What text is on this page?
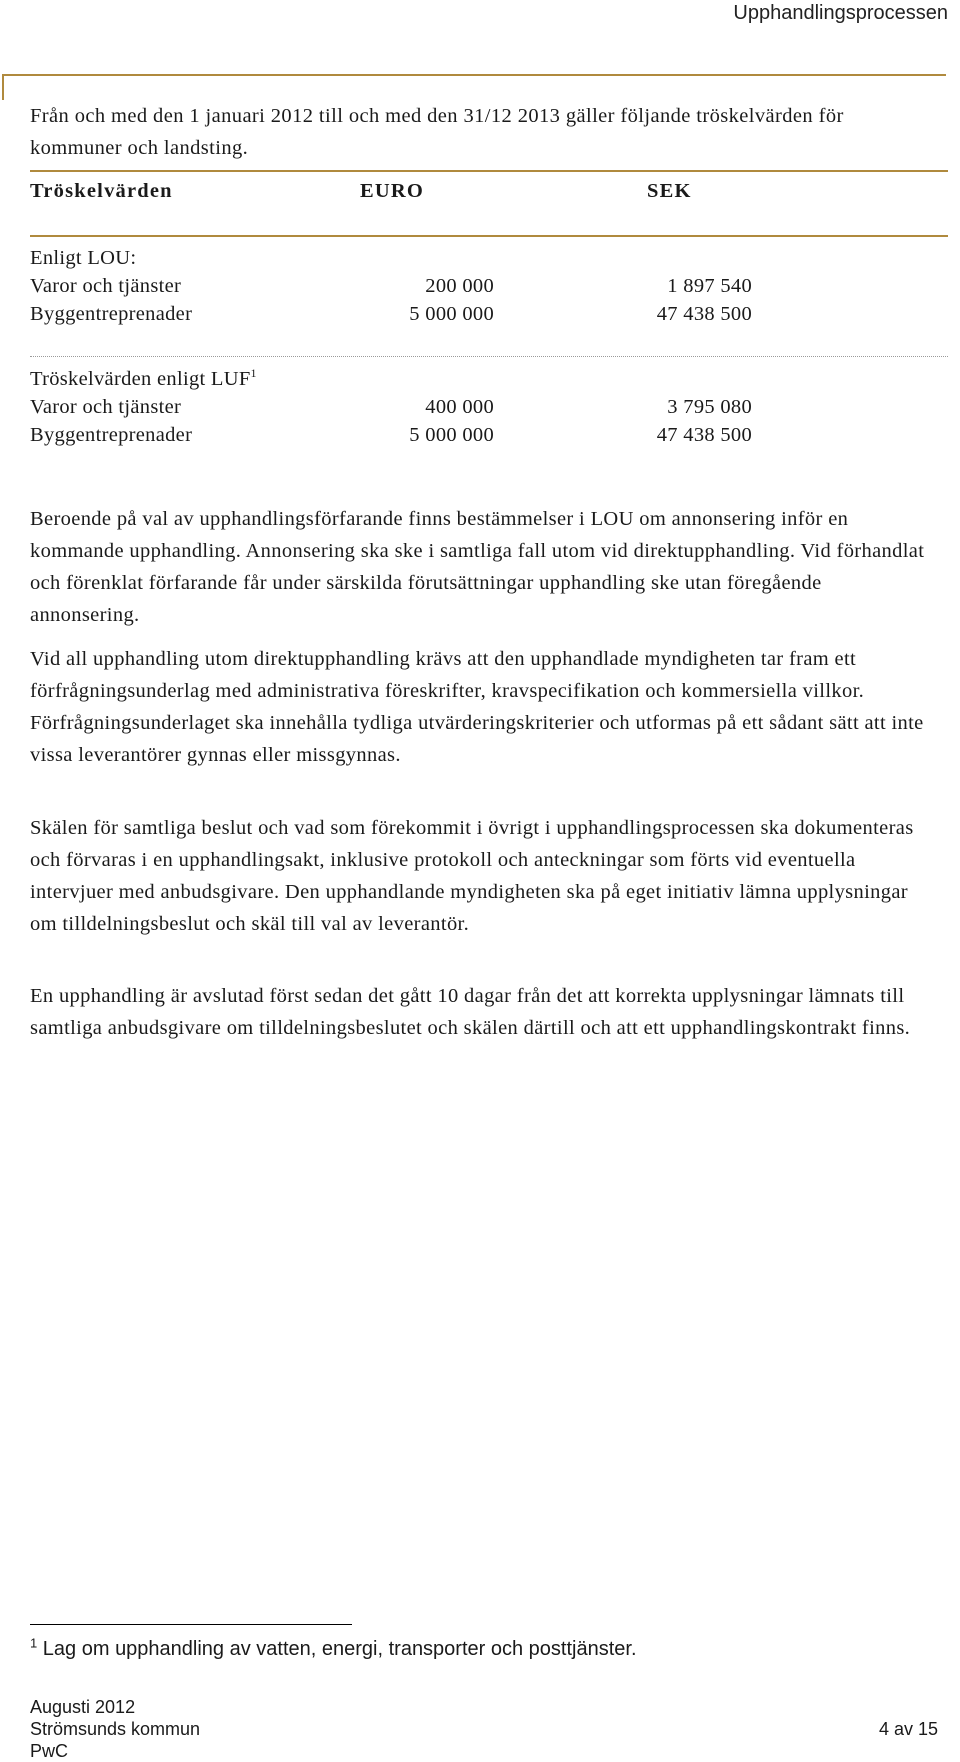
Upphandlingsprocessen
Från och med den 1 januari 2012 till och med den 31/12 2013 gäller följande tröskelvärden för kommuner och landsting.
Tröskelvärden	EURO	SEK
Enligt LOU:
Varor och tjänster	200 000	1 897 540
Byggentreprenader	5 000 000	47 438 500
Tröskelvärden enligt LUF$^1$
Varor och tjänster	400 000	3 795 080
Byggentreprenader	5 000 000	47 438 500

Beroende på val av upphandlingsförfarande finns bestämmelser i LOU om annonsering inför en kommande upphandling. Annonsering ska ske i samtliga fall utom vid direktupphandling. Vid förhandlat och förenklat förfarande får under särskilda förutsättningar upphandling ske utan föregående annonsering.

Vid all upphandling utom direktupphandling krävs att den upphandlade myndigheten tar fram ett förfrågningsunderlag med administrativa föreskrifter, kravspecifikation och kommersiella villkor. Förfrågningsunderlaget ska innehålla tydliga utvärderingskriterier och utformas på ett sådant sätt att inte vissa leverantörer gynnas eller missgynnas.

Skälen för samtliga beslut och vad som förekommit i övrigt i upphandlingsprocessen ska dokumenteras och förvaras i en upphandlingsakt, inklusive protokoll och anteckningar som förts vid eventuella intervjuer med anbudsgivare. Den upphandlande myndigheten ska på eget initiativ lämna upplysningar om tilldelningsbeslut och skäl till val av leverantör.

En upphandling är avslutad först sedan det gått 10 dagar från det att korrekta upplysningar lämnats till samtliga anbudsgivare om tilldelningsbeslutet och skälen därtill och att ett upphandlingskontrakt finns.

$^1$ Lag om upphandling av vatten, energi, transporter och posttjänster.
Augusti 2012
Strömsunds kommun
PwC
4 av 15
